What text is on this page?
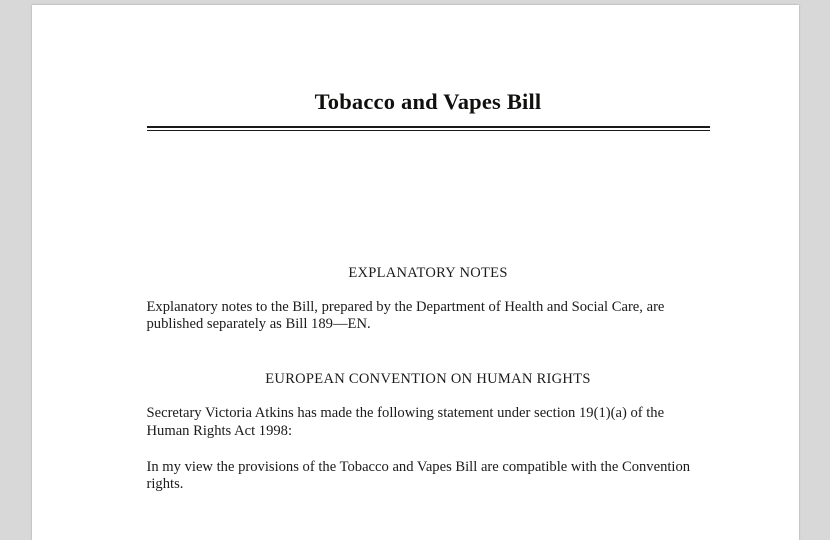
Tobacco and Vapes Bill
EXPLANATORY NOTES

Explanatory notes to the Bill, prepared by the Department of Health and Social Care, are published separately as Bill 189—EN.

EUROPEAN CONVENTION ON HUMAN RIGHTS

Secretary Victoria Atkins has made the following statement under section 19(1)(a) of the Human Rights Act 1998:

In my view the provisions of the Tobacco and Vapes Bill are compatible with the Convention rights.
